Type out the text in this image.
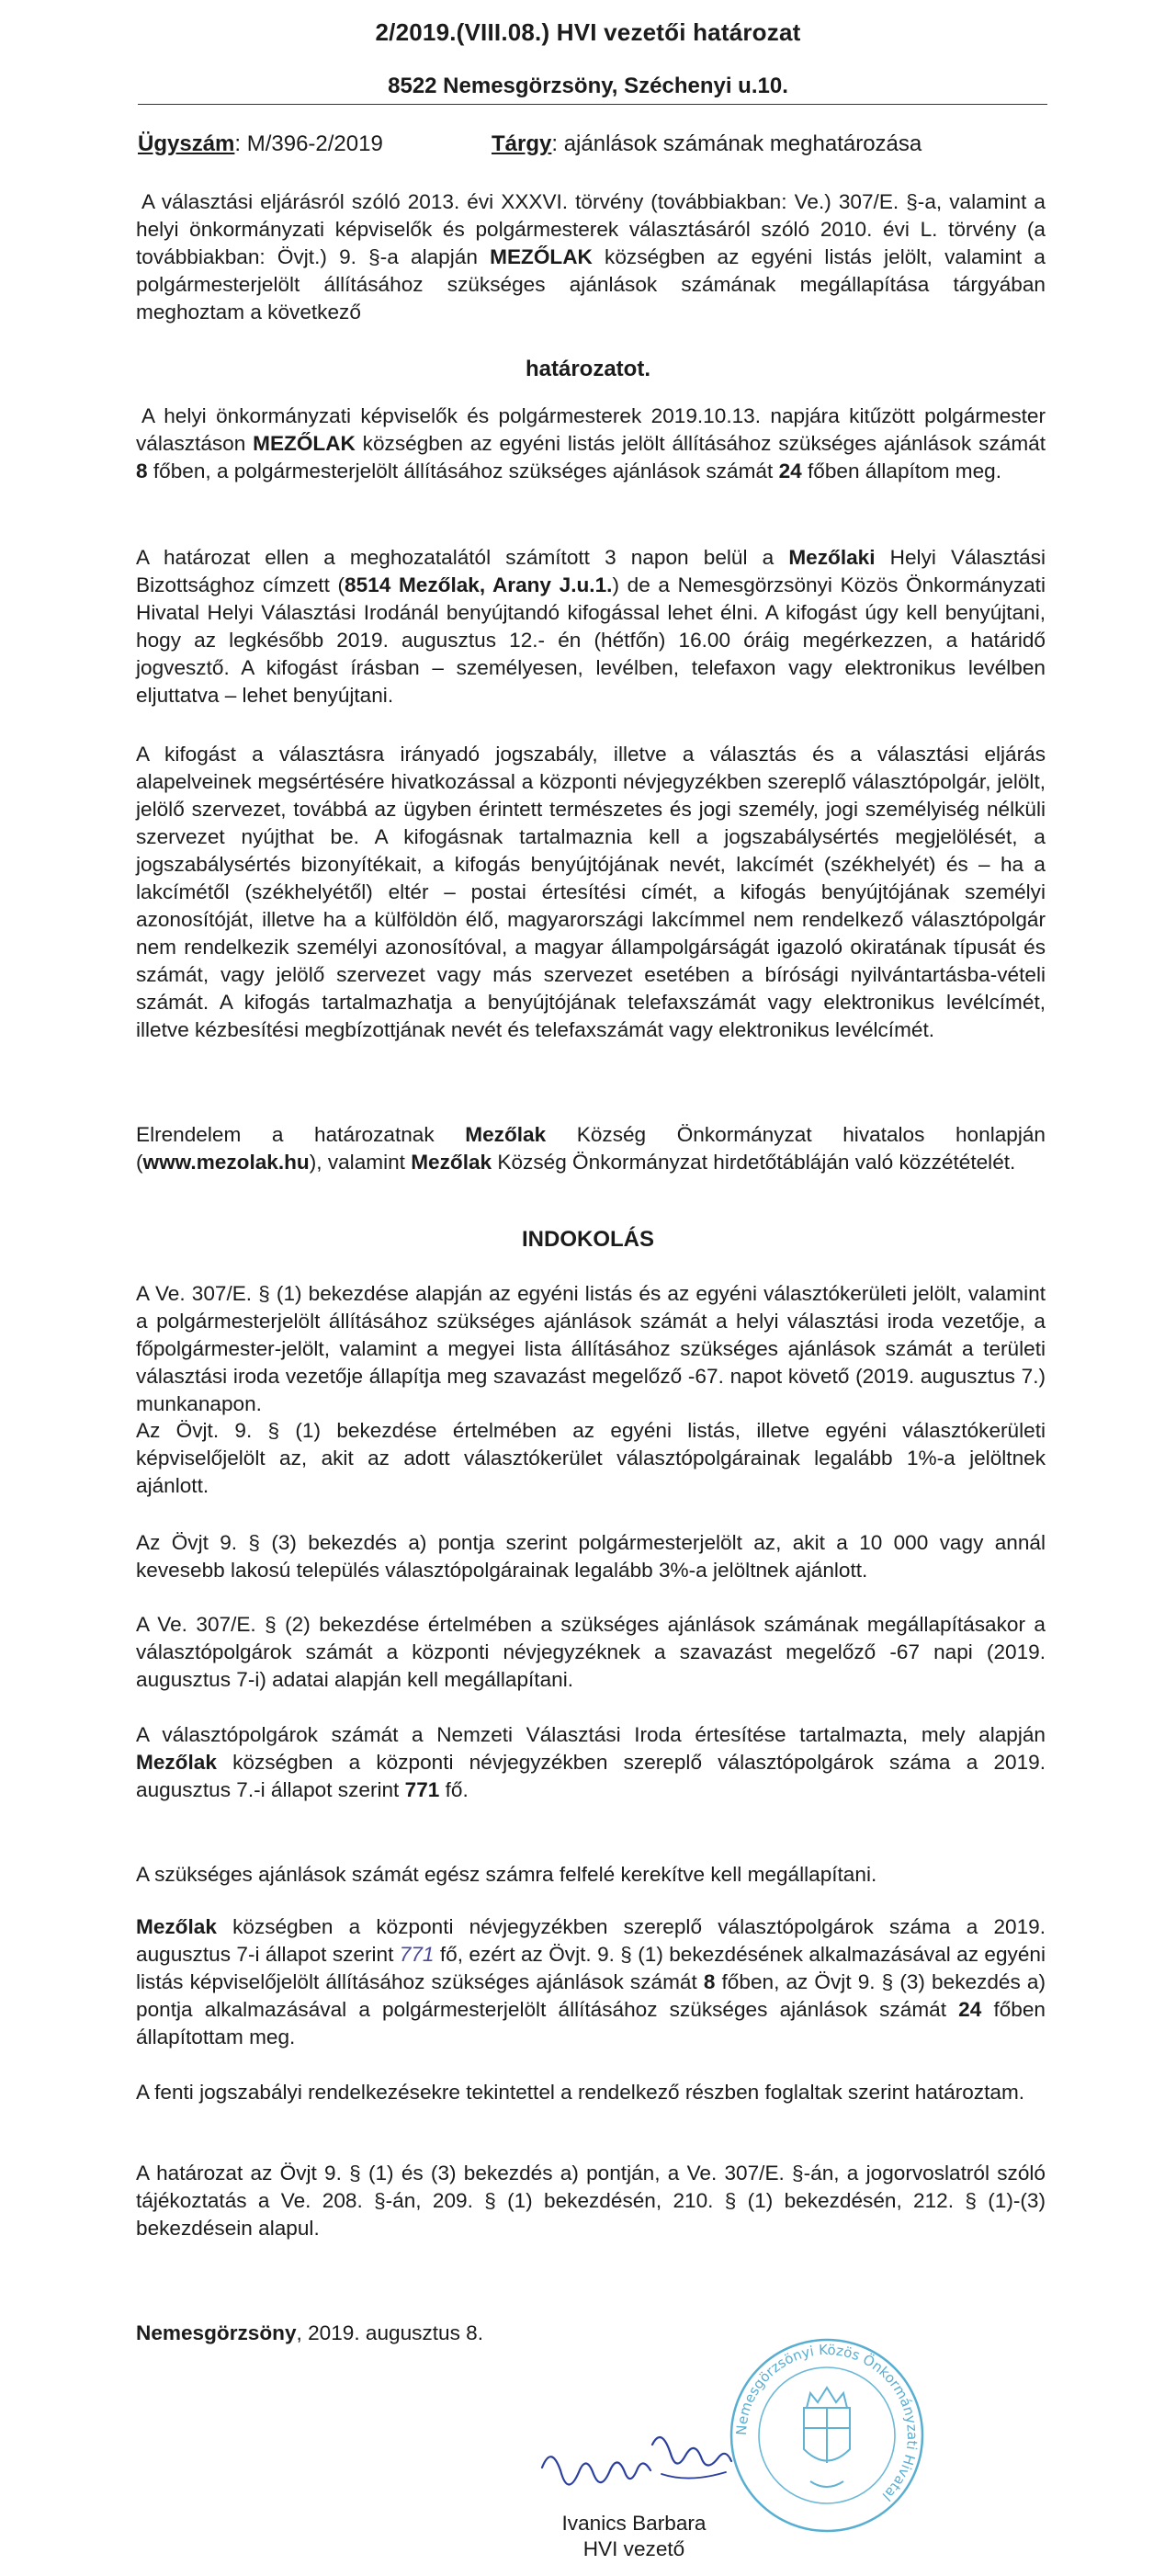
2/2019.(VIII.08.) HVI vezetői határozat
8522 Nemesgörzsöny, Széchenyi u.10.
Ügyszám: M/396-2/2019	Tárgy: ajánlások számának meghatározása
A választási eljárásról szóló 2013. évi XXXVI. törvény (továbbiakban: Ve.) 307/E. §-a, valamint a helyi önkormányzati képviselők és polgármesterek választásáról szóló 2010. évi L. törvény (a továbbiakban: Övjt.) 9. §-a alapján MEZŐLAK községben az egyéni listás jelölt, valamint a polgármesterjelölt állításához szükséges ajánlások számának megállapítása tárgyában meghoztam a következő
határozatot.
A helyi önkormányzati képviselők és polgármesterek 2019.10.13. napjára kitűzött polgármester választáson MEZŐLAK községben az egyéni listás jelölt állításához szükséges ajánlások számát 8 főben, a polgármesterjelölt állításához szükséges ajánlások számát 24 főben állapítom meg.
A határozat ellen a meghozatalától számított 3 napon belül a Mezőlaki Helyi Választási Bizottsághoz címzett (8514 Mezőlak, Arany J.u.1.) de a Nemesgörzsönyi Közös Önkormányzati Hivatal Helyi Választási Irodánál benyújtandó kifogással lehet élni. A kifogást úgy kell benyújtani, hogy az legkésőbb 2019. augusztus 12.- én (hétfőn) 16.00 óráig megérkezzen, a határidő jogvesztő. A kifogást írásban – személyesen, levélben, telefaxon vagy elektronikus levélben eljuttatva – lehet benyújtani.
A kifogást a választásra irányadó jogszabály, illetve a választás és a választási eljárás alapelveinek megsértésére hivatkozással a központi névjegyzékben szereplő választópolgár, jelölt, jelölő szervezet, továbbá az ügyben érintett természetes és jogi személy, jogi személyiség nélküli szervezet nyújthat be. A kifogásnak tartalmaznia kell a jogszabálysértés megjelölését, a jogszabálysértés bizonyítékait, a kifogás benyújtójának nevét, lakcímét (székhelyét) és – ha a lakcímétől (székhelyétől) eltér – postai értesítési címét, a kifogás benyújtójának személyi azonosítóját, illetve ha a külföldön élő, magyarországi lakcímmel nem rendelkező választópolgár nem rendelkezik személyi azonosítóval, a magyar állampolgárságát igazoló okiratának típusát és számát, vagy jelölő szervezet vagy más szervezet esetében a bírósági nyilvántartásba-vételi számát. A kifogás tartalmazhatja a benyújtójának telefaxszámát vagy elektronikus levélcímét, illetve kézbesítési megbízottjának nevét és telefaxszámát vagy elektronikus levélcímét.
Elrendelem a határozatnak Mezőlak Község Önkormányzat hivatalos honlapján (www.mezolak.hu), valamint Mezőlak Község Önkormányzat hirdetőtábláján való közzétételét.
INDOKOLÁS
A Ve. 307/E. § (1) bekezdése alapján az egyéni listás és az egyéni választókerületi jelölt, valamint a polgármesterjelölt állításához szükséges ajánlások számát a helyi választási iroda vezetője, a főpolgármester-jelölt, valamint a megyei lista állításához szükséges ajánlások számát a területi választási iroda vezetője állapítja meg szavazást megelőző -67. napot követő (2019. augusztus 7.) munkanapon.
Az Övjt. 9. § (1) bekezdése értelmében az egyéni listás, illetve egyéni választókerületi képviselőjelölt az, akit az adott választókerület választópolgárainak legalább 1%-a jelöltnek ajánlott.
Az Övjt 9. § (3) bekezdés a) pontja szerint polgármesterjelölt az, akit a 10 000 vagy annál kevesebb lakosú település választópolgárainak legalább 3%-a jelöltnek ajánlott.
A Ve. 307/E. § (2) bekezdése értelmében a szükséges ajánlások számának megállapításakor a választópolgárok számát a központi névjegyzéknek a szavazást megelőző -67 napi (2019. augusztus 7-i) adatai alapján kell megállapítani.
A választópolgárok számát a Nemzeti Választási Iroda értesítése tartalmazta, mely alapján Mezőlak községben a központi névjegyzékben szereplő választópolgárok száma a 2019. augusztus 7.-i állapot szerint 771 fő.
A szükséges ajánlások számát egész számra felfelé kerekítve kell megállapítani.
Mezőlak községben a központi névjegyzékben szereplő választópolgárok száma a 2019. augusztus 7-i állapot szerint 771 fő, ezért az Övjt. 9. § (1) bekezdésének alkalmazásával az egyéni listás képviselőjelölt állításához szükséges ajánlások számát 8 főben, az Övjt 9. § (3) bekezdés a) pontja alkalmazásával a polgármesterjelölt állításához szükséges ajánlások számát 24 főben állapítottam meg.
A fenti jogszabályi rendelkezésekre tekintettel a rendelkező részben foglaltak szerint határoztam.
A határozat az Övjt 9. § (1) és (3) bekezdés a) pontján, a Ve. 307/E. §-án, a jogorvoslatról szóló tájékoztatás a Ve. 208. §-án, 209. § (1) bekezdésén, 210. § (1) bekezdésén, 212. § (1)-(3) bekezdésein alapul.
Nemesgörzsöny, 2019. augusztus 8.
Nemesgörzsönyi Közös Önkormányzati Hivatal
Ivanics Barbara
HVI vezető
